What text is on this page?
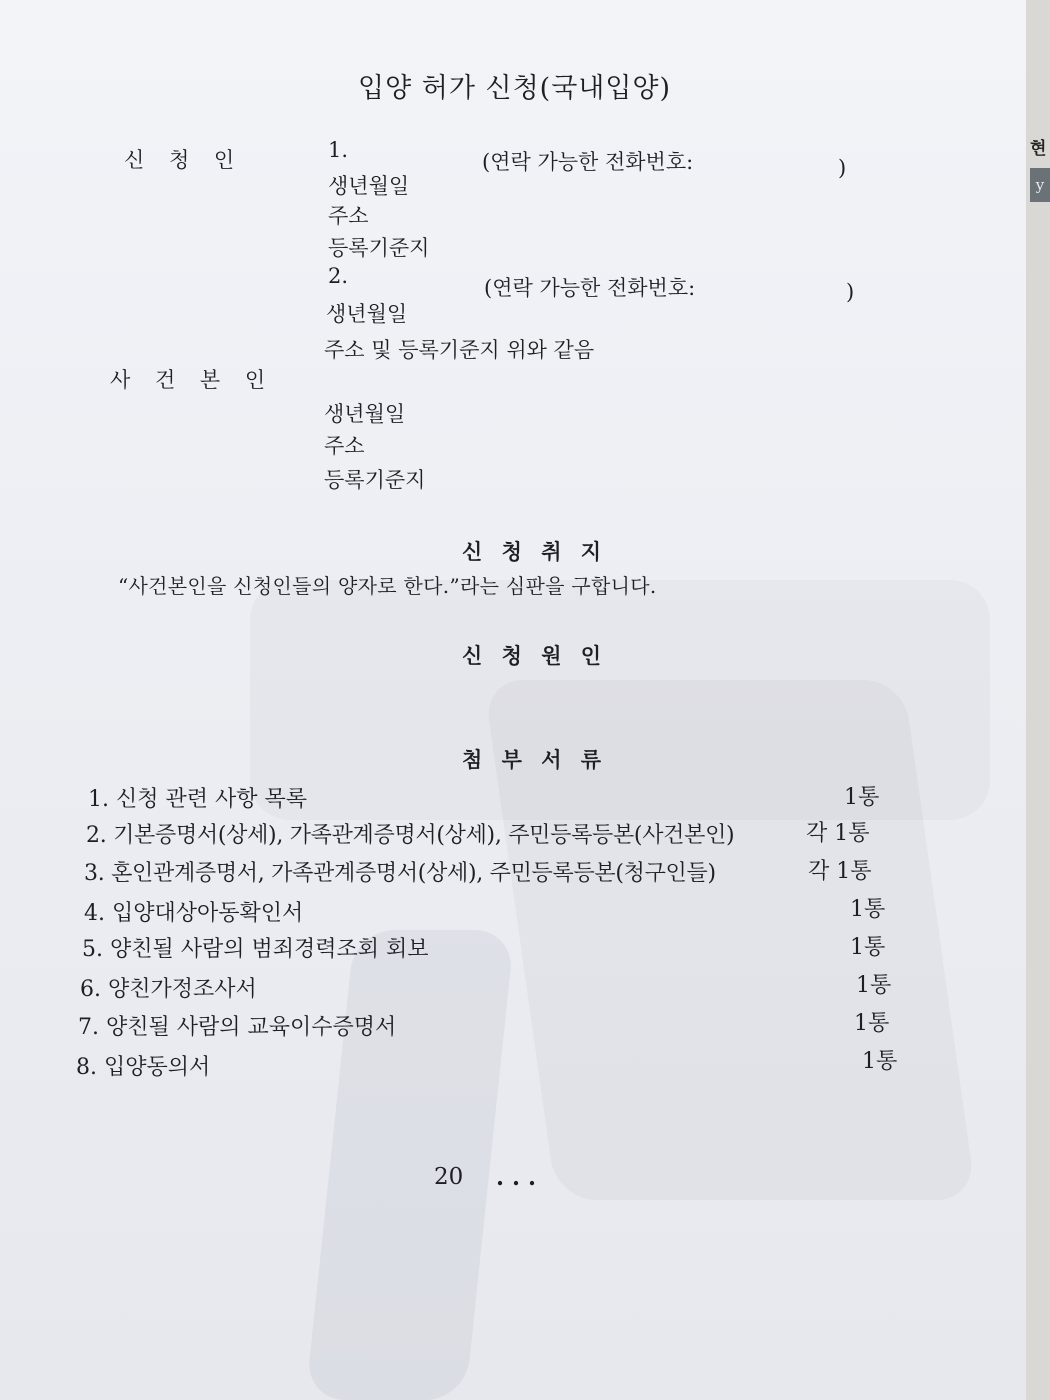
입양 허가 신청(국내입양)
신 청 인	1.	(연락 가능한 전화번호:	)
생년월일
주소
등록기준지
2.	(연락 가능한 전화번호:	)
생년월일
주소 및 등록기준지 위와 같음
사 건 본 인
생년월일
주소
등록기준지
신 청 취 지
“사건본인을 신청인들의 양자로 한다.”라는 심판을 구합니다.
신 청 원 인
첨 부 서 류
1. 신청 관련 사항 목록	1통
2. 기본증명서(상세), 가족관계증명서(상세), 주민등록등본(사건본인)	각 1통
3. 혼인관계증명서, 가족관계증명서(상세), 주민등록등본(청구인들)	각 1통
4. 입양대상아동확인서	1통
5. 양친될 사람의 범죄경력조회 회보	1통
6. 양친가정조사서	1통
7. 양친될 사람의 교육이수증명서	1통
8. 입양동의서	1통
20 . . .
현
y
